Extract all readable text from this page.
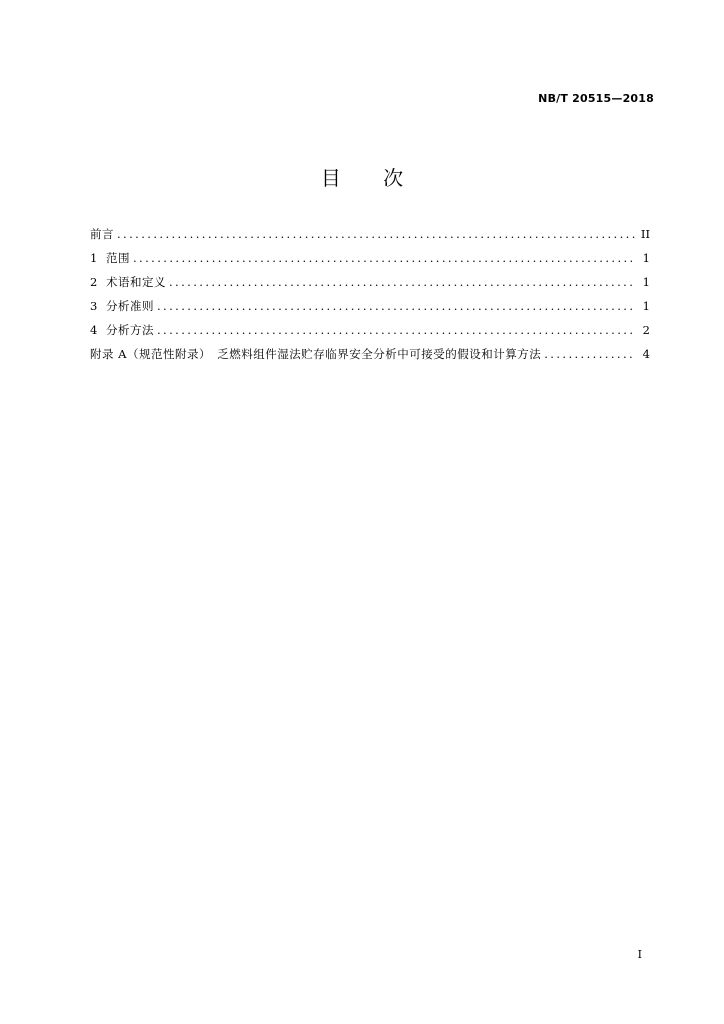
NB/T 20515—2018
目 次
前言 .....	II
1 范围 .....	1
2 术语和定义 .....	1
3 分析准则 .....	1
4 分析方法 .....	2
附录 A（规范性附录）　乏燃料组件湿法贮存临界安全分析中可接受的假设和计算方法 .....	4
I
